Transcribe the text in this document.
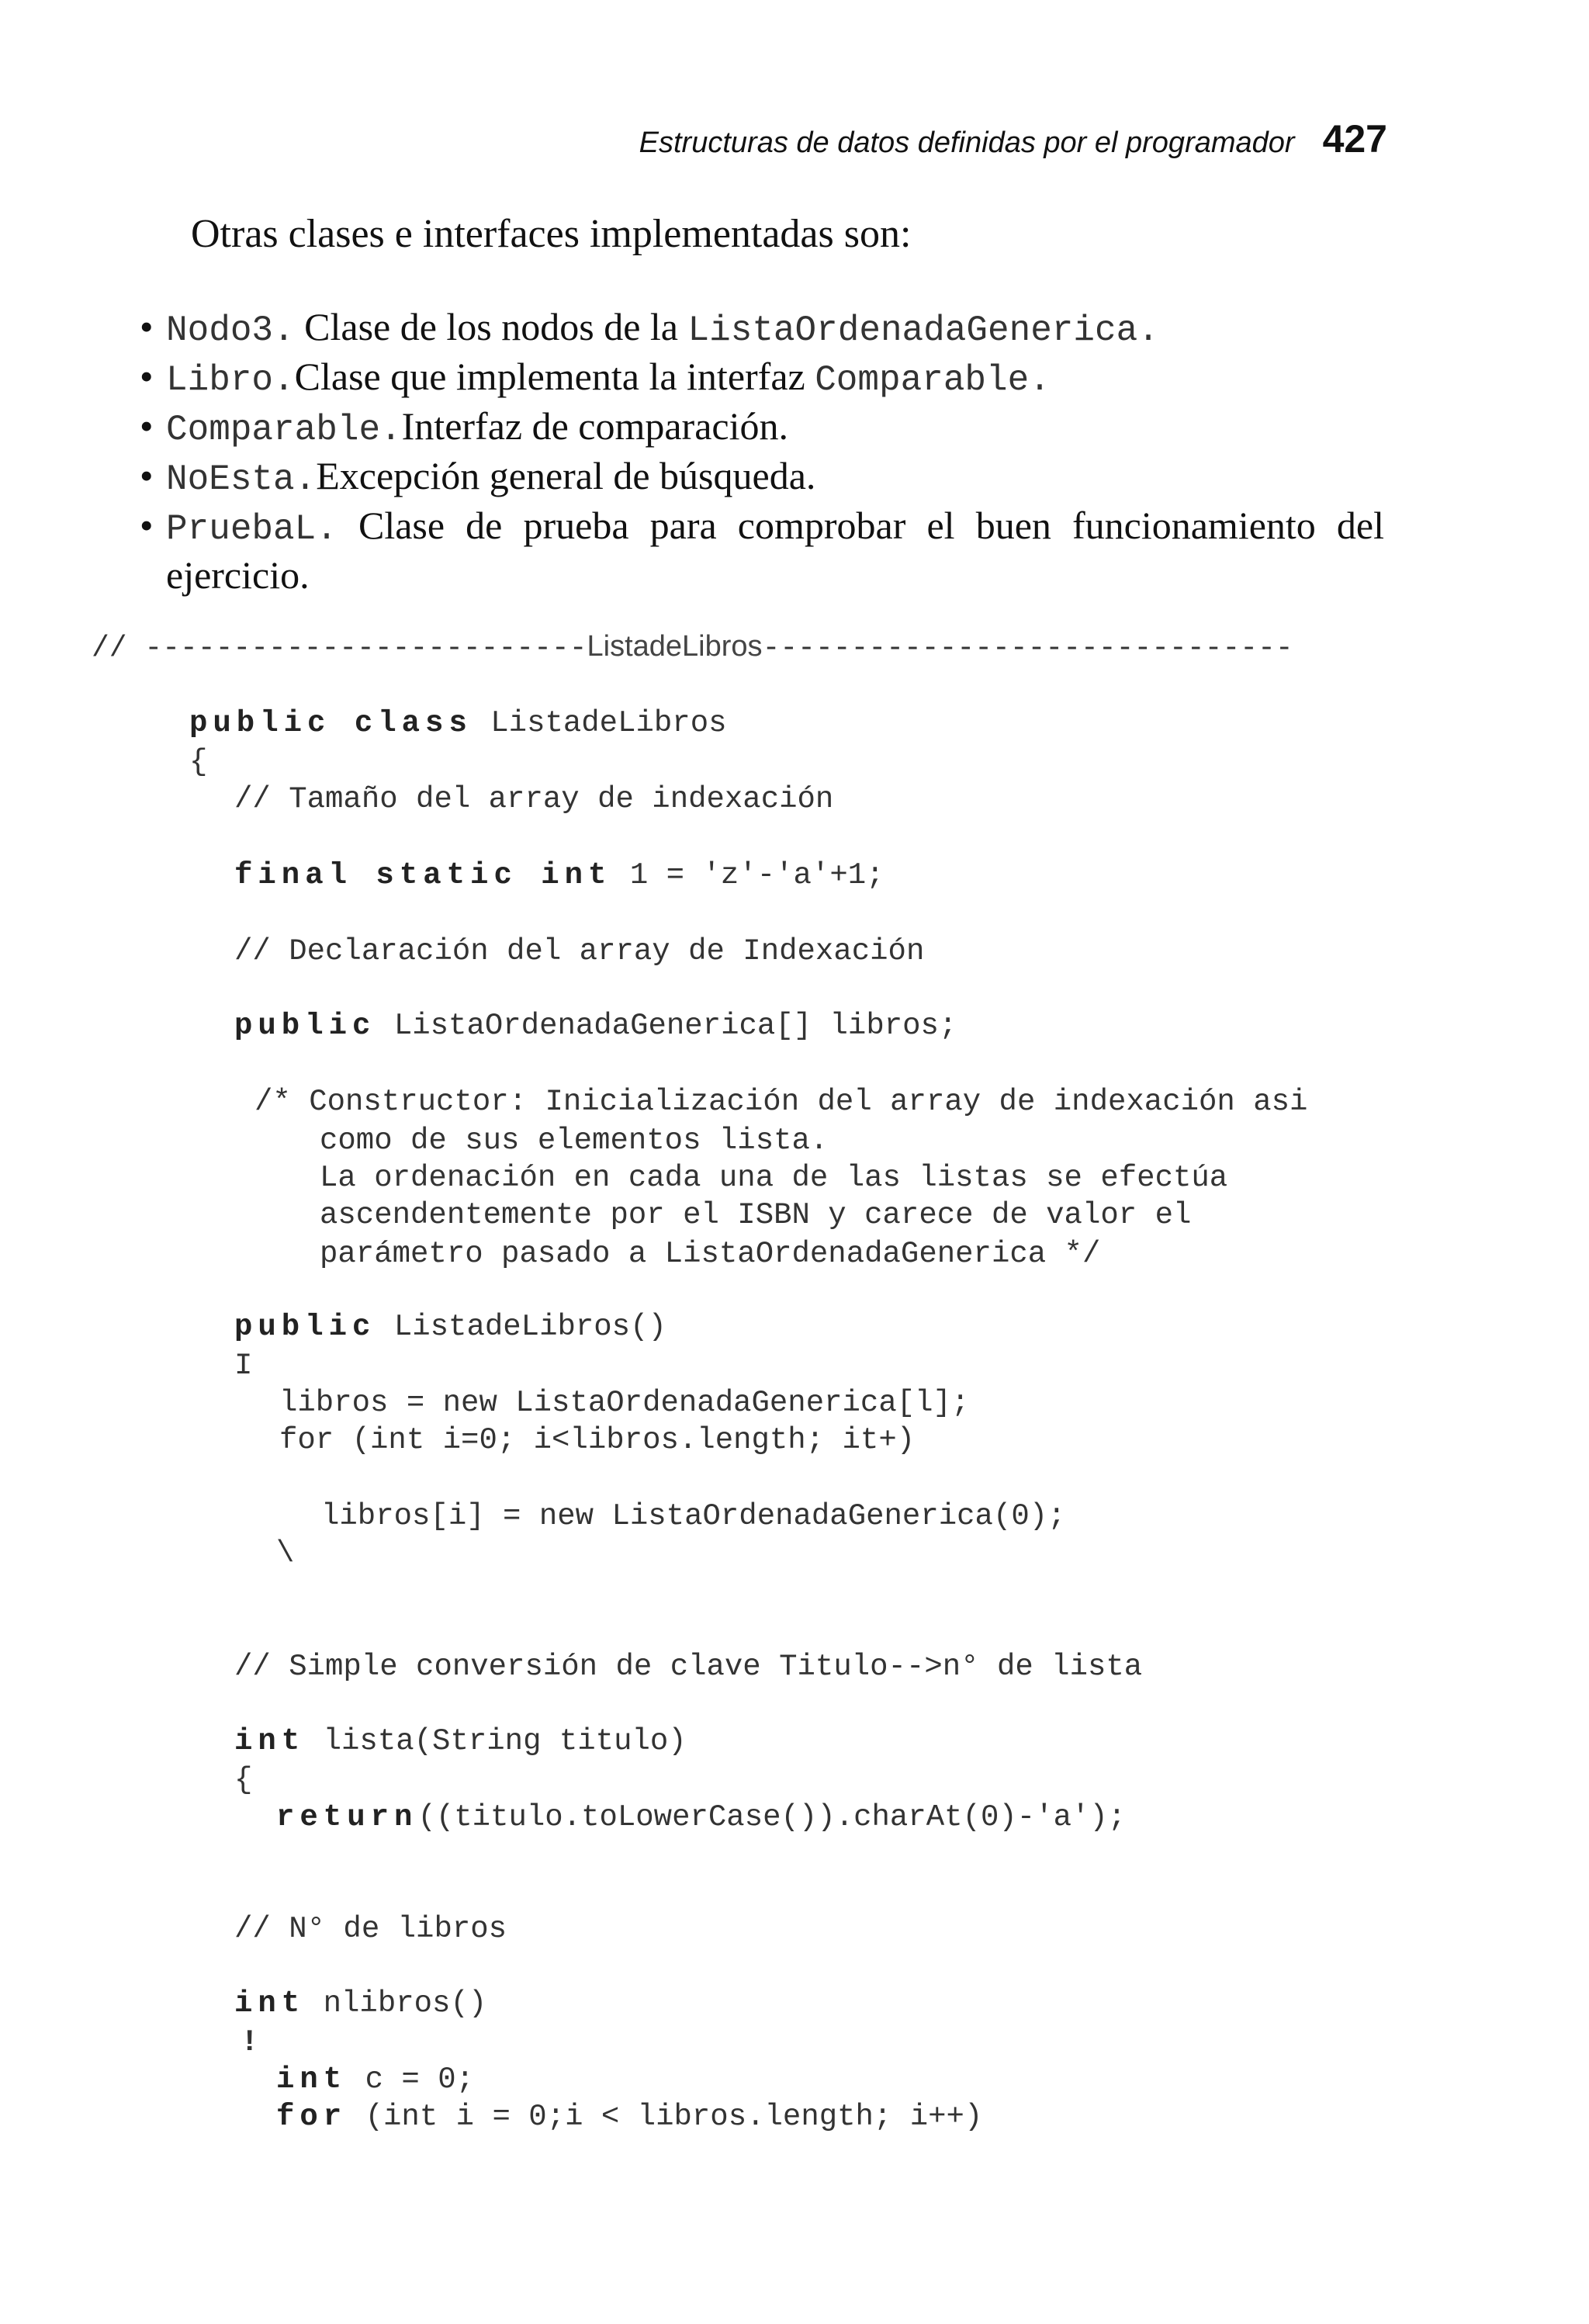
Estructuras de datos definidas por el programador 427
Otras clases e interfaces implementadas son:
• Nodo3. Clase de los nodos de la ListaOrdenadaGenerica.
• Libro.Clase que implementa la interfaz Comparable.
• Comparable.Interfaz de comparación.
• NoEsta.Excepción general de búsqueda.
• PruebaL. Clase de prueba para comprobar el buen funcionamiento del ejercicio.
// -------------------------ListadeLibros------------------------------
public class ListadeLibros
{
// Tamaño del array de indexación
final static int 1 = 'z'-'a'+1;
// Declaración del array de Indexación
public ListaOrdenadaGenerica[] libros;
/* Constructor: Inicialización del array de indexación asi
como de sus elementos lista.
La ordenación en cada una de las listas se efectúa
ascendentemente por el ISBN y carece de valor el
parámetro pasado a ListaOrdenadaGenerica */
public ListadeLibros()
I
libros = new ListaOrdenadaGenerica[l];
for (int i=0; i<libros.length; it+)
libros[i] = new ListaOrdenadaGenerica(0);
\
// Simple conversión de clave Titulo-->n° de lista
int lista(String titulo)
{
return((titulo.toLowerCase()).charAt(0)-'a');
// N° de libros
int nlibros()
!
int c = 0;
for (int i = 0;i < libros.length; i++)
